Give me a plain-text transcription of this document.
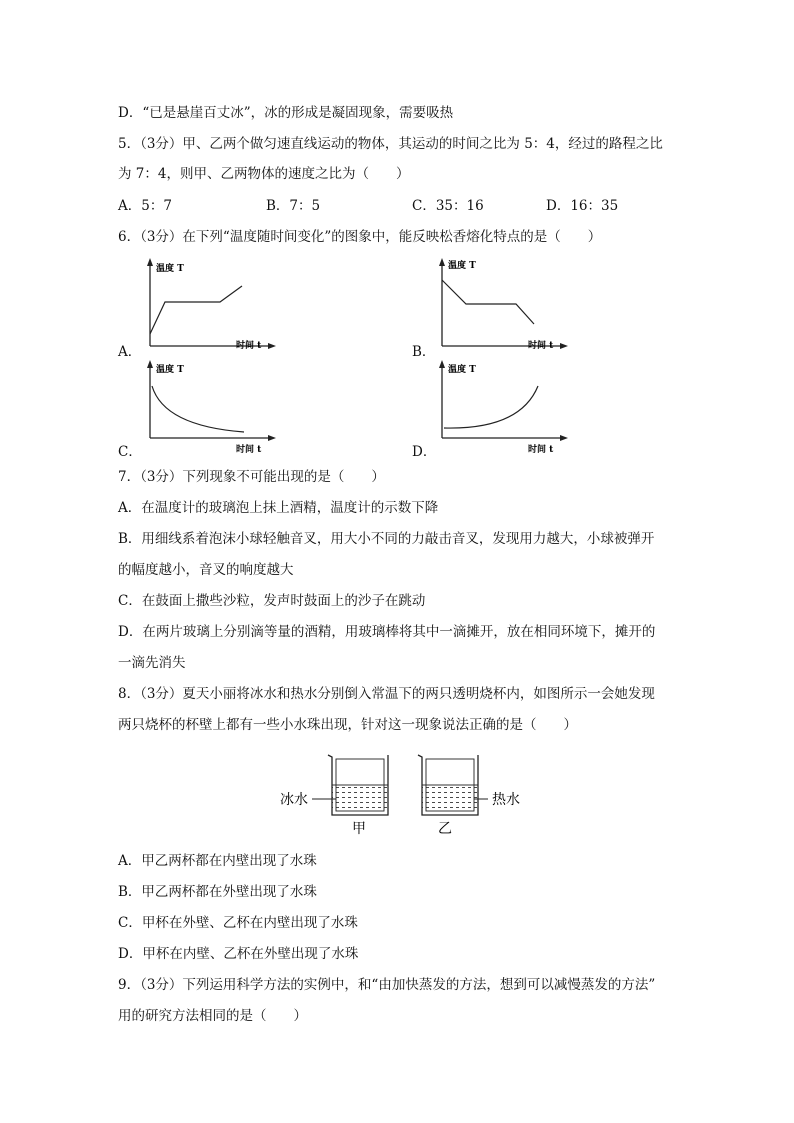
D．“已是悬崖百丈冰”，冰的形成是凝固现象，需要吸热
5．（3分）甲、乙两个做匀速直线运动的物体，其运动的时间之比为 5：4，经过的路程之比
为 7：4，则甲、乙两物体的速度之比为（　　）
A．5：7	B．7：5	C．35：16	D．16：35
6．（3分）在下列“温度随时间变化”的图象中，能反映松香熔化特点的是（　　）
A．
温度 T
时间 t	B．
温度 T
时间 t
C．
温度 T
时间 t	D．
温度 T
时间 t
7．（3分）下列现象不可能出现的是（　　）
A．在温度计的玻璃泡上抹上酒精，温度计的示数下降
B．用细线系着泡沫小球轻触音叉，用大小不同的力敲击音叉，发现用力越大，小球被弹开
的幅度越小，音叉的响度越大
C．在鼓面上撒些沙粒，发声时鼓面上的沙子在跳动
D．在两片玻璃上分别滴等量的酒精，用玻璃棒将其中一滴摊开，放在相同环境下，摊开的
一滴先消失
8．（3分）夏天小丽将冰水和热水分别倒入常温下的两只透明烧杯内，如图所示一会她发现
两只烧杯的杯壁上都有一些小水珠出现，针对这一现象说法正确的是（　　）
冰水	热水
甲	乙
A．甲乙两杯都在内壁出现了水珠
B．甲乙两杯都在外壁出现了水珠
C．甲杯在外壁、乙杯在内壁出现了水珠
D．甲杯在内壁、乙杯在外壁出现了水珠
9．（3分）下列运用科学方法的实例中，和“由加快蒸发的方法，想到可以减慢蒸发的方法”
用的研究方法相同的是（　　）
